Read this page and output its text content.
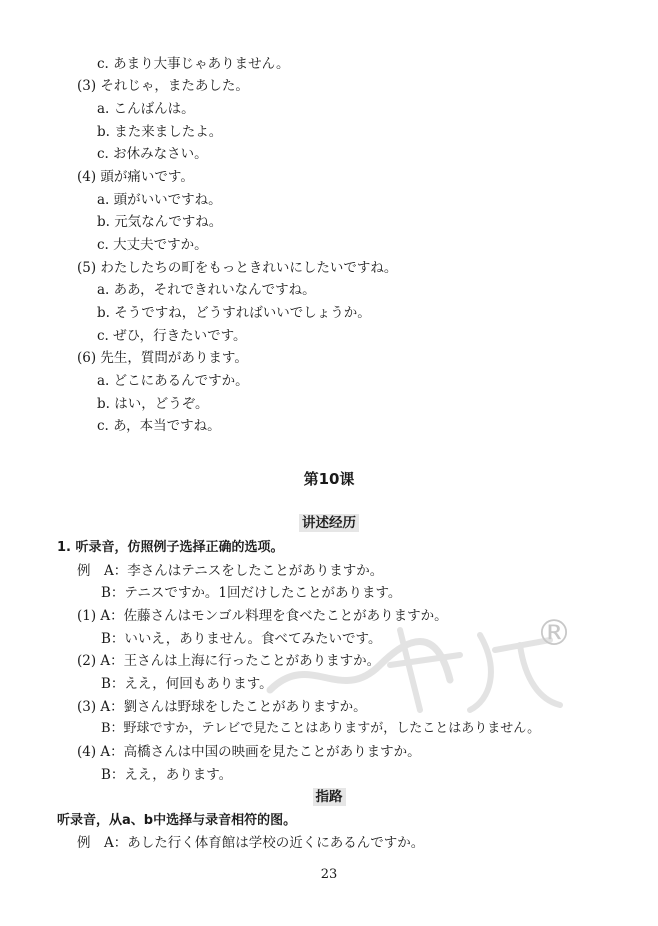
®
c. あまり大事じゃありません。
(3) それじゃ，またあした。
a. こんばんは。
b. また来ましたよ。
c. お休みなさい。
(4) 頭が痛いです。
a. 頭がいいですね。
b. 元気なんですね。
c. 大丈夫ですか。
(5) わたしたちの町をもっときれいにしたいですね。
a. ああ，それできれいなんですね。
b. そうですね，どうすればいいでしょうか。
c. ぜひ，行きたいです。
(6) 先生，質問があります。
a. どこにあるんですか。
b. はい，どうぞ。
c. あ，本当ですね。
第10课
讲述经历
1. 听录音，仿照例子选择正确的选项。
例　A：李さんはテニスをしたことがありますか。
B：テニスですか。1回だけしたことがあります。
(1) A：佐藤さんはモンゴル料理を食べたことがありますか。
B：いいえ，ありません。食べてみたいです。
(2) A：王さんは上海に行ったことがありますか。
B：ええ，何回もあります。
(3) A：劉さんは野球をしたことがありますか。
B：野球ですか，テレビで見たことはありますが，したことはありません。
(4) A：高橋さんは中国の映画を見たことがありますか。
B：ええ，あります。
指路
听录音，从a、b中选择与录音相符的图。
例　A：あした行く体育館は学校の近くにあるんですか。
23
